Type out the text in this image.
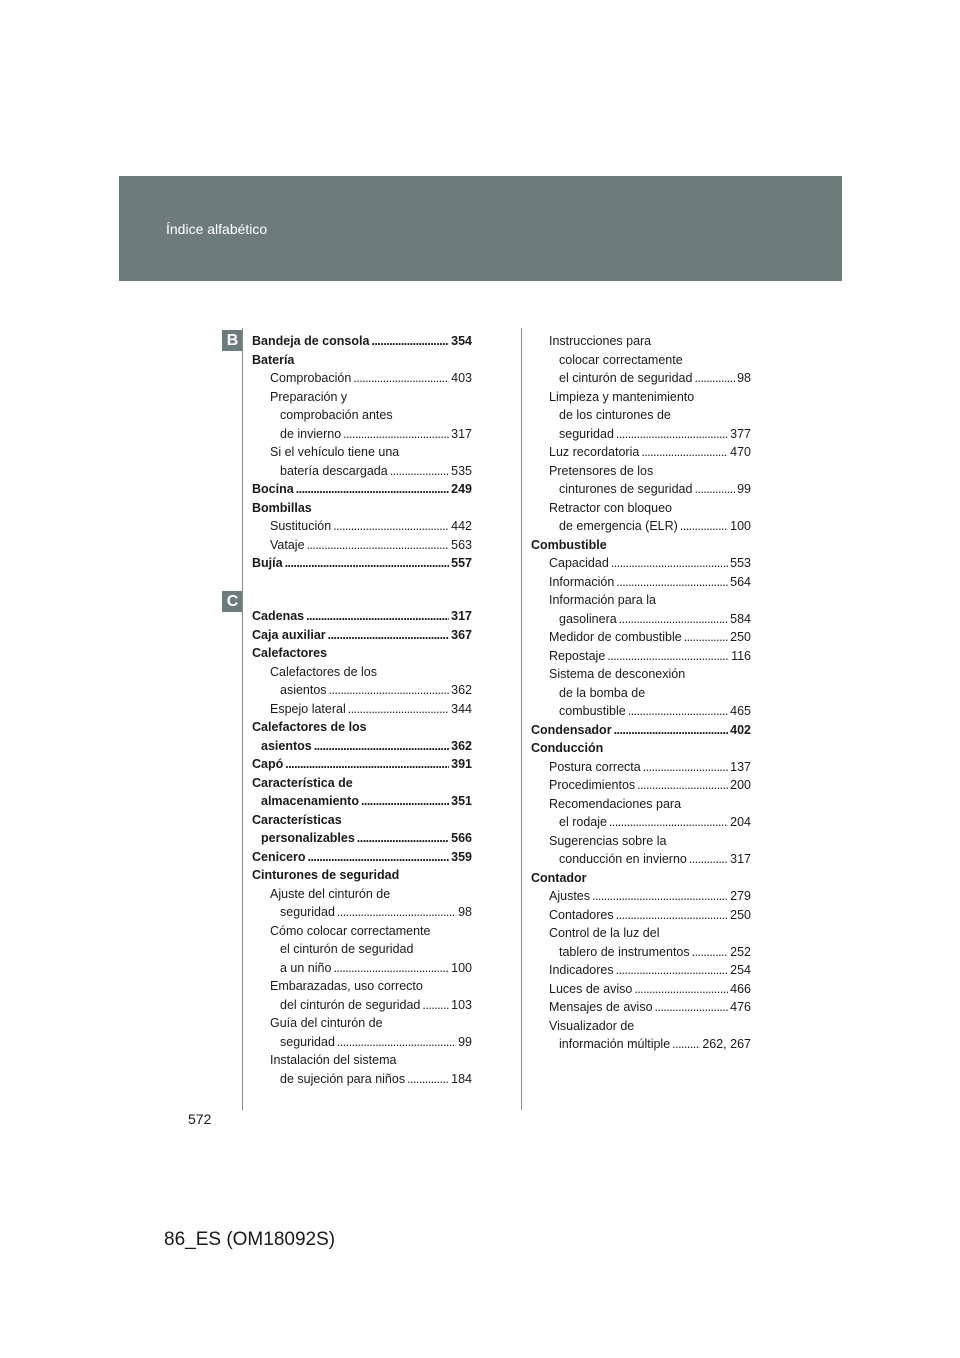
Índice alfabético
B
C
Bandeja de consola . . .	354
Batería
Comprobación . . .	403
Preparación y
comprobación antes
de invierno . . .	317
Si el vehículo tiene una
batería descargada . . .	535
Bocina . . .	249
Bombillas
Sustitución . . .	442
Vataje . . .	563
Bujía . . .	557
Cadenas . . .	317
Caja auxiliar . . .	367
Calefactores
Calefactores de los
asientos . . .	362
Espejo lateral . . .	344
Calefactores de los
asientos . . .	362
Capó . . .	391
Característica de
almacenamiento . . .	351
Características
personalizables . . .	566
Cenicero . . .	359
Cinturones de seguridad
Ajuste del cinturón de
seguridad . . .	98
Cómo colocar correctamente
el cinturón de seguridad
a un niño . . .	100
Embarazadas, uso correcto
del cinturón de seguridad . . . 103
Guía del cinturón de
seguridad . . .	99
Instalación del sistema
de sujeción para niños . . .	184
Instrucciones para
colocar correctamente
el cinturón de seguridad . . .	98
Limpieza y mantenimiento
de los cinturones de
seguridad . . .	377
Luz recordatoria . . .	470
Pretensores de los
cinturones de seguridad . . .	99
Retractor con bloqueo
de emergencia (ELR) . . .	100
Combustible
Capacidad . . .	553
Información . . .	564
Información para la
gasolinera . . .	584
Medidor de combustible . . .	250
Repostaje . . .	116
Sistema de desconexión
de la bomba de
combustible . . .	465
Condensador . . .	402
Conducción
Postura correcta . . .	137
Procedimientos . . .	200
Recomendaciones para
el rodaje . . .	204
Sugerencias sobre la
conducción en invierno . . .	317
Contador
Ajustes . . .	279
Contadores . . .	250
Control de la luz del
tablero de instrumentos . . .	252
Indicadores . . .	254
Luces de aviso . . .	466
Mensajes de aviso . . .	476
Visualizador de
información múltiple . . .	262, 267
572
86_ES (OM18092S)
